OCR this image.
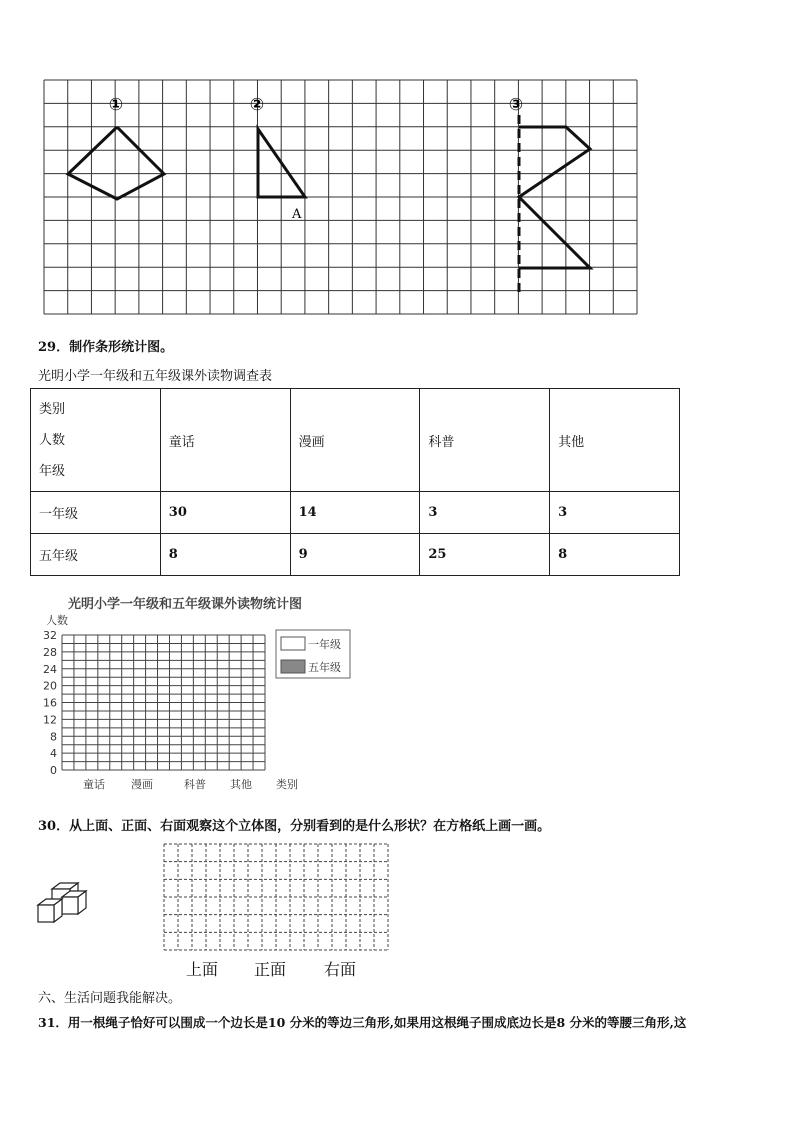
①	②	③
A
29．制作条形统计图。
光明小学一年级和五年级课外读物调查表
类别
人数
年级	童话	漫画	科普	其他
一年级	30	14	3	3
五年级	8	9	25	8
光明小学一年级和五年级课外读物统计图
32
28
24
20
16
12
8
4
0
童话 漫画	科普 其他
人数
类别
一年级
五年级
30．从上面、正面、右面观察这个立体图，分别看到的是什么形状？在方格纸上画一画。
上面 正面 右面
六、生活问题我能解决。
31．用一根绳子恰好可以围成一个边长是10 分米的等边三角形,如果用这根绳子围成底边长是8 分米的等腰三角形,这
